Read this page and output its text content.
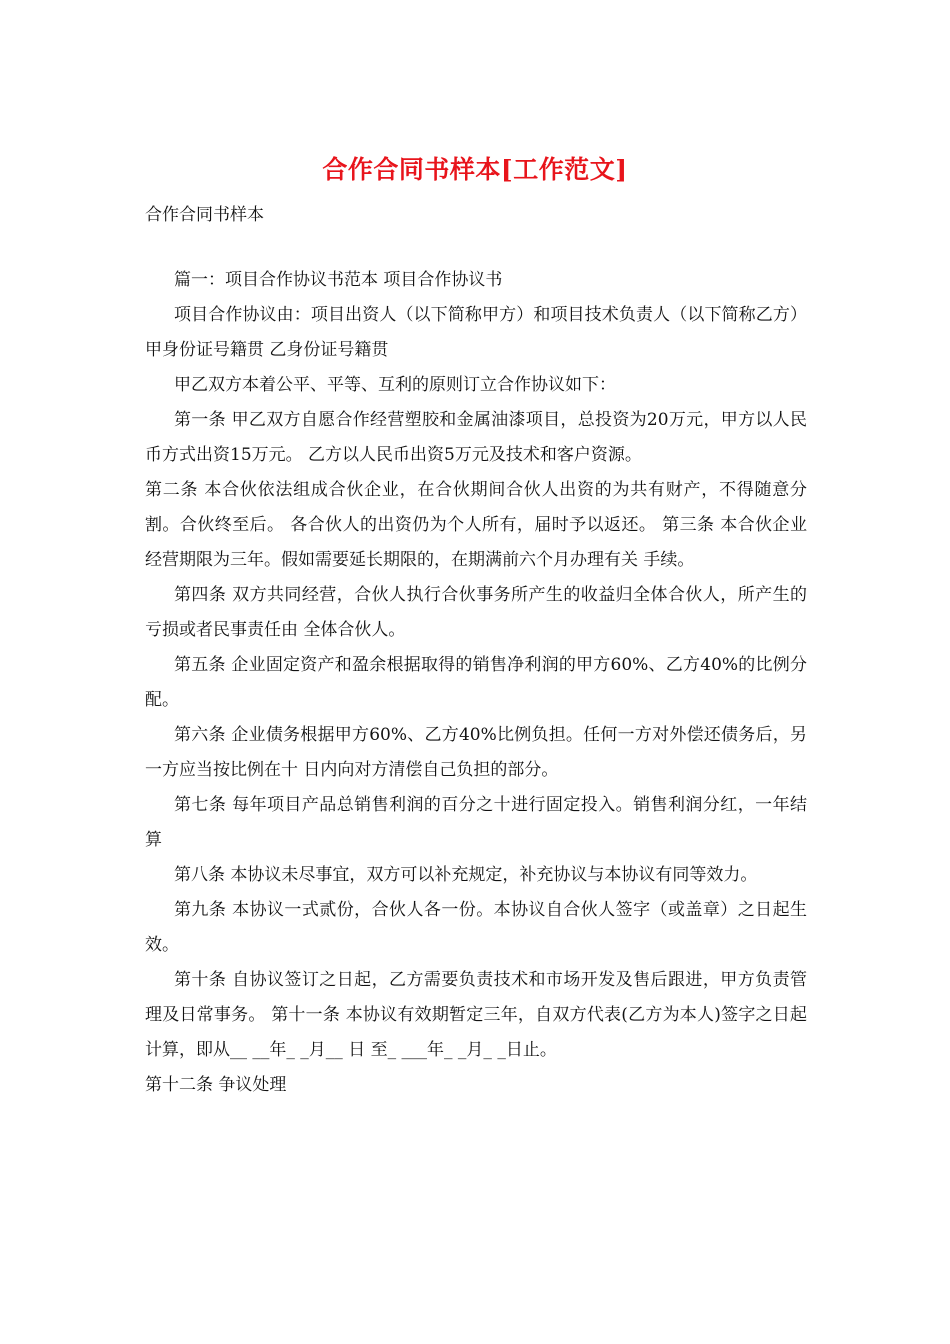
合作合同书样本[工作范文]
合作合同书样本

篇一：项目合作协议书范本 项目合作协议书

项目合作协议由：项目出资人（以下简称甲方）和项目技术负责人（以下简称乙方） 甲身份证号籍贯 乙身份证号籍贯

甲乙双方本着公平、平等、互利的原则订立合作协议如下：

第一条 甲乙双方自愿合作经营塑胶和金属油漆项目，总投资为20万元，甲方以人民币方式出资15万元。 乙方以人民币出资5万元及技术和客户资源。

第二条 本合伙依法组成合伙企业，在合伙期间合伙人出资的为共有财产，不得随意分割。合伙终至后。 各合伙人的出资仍为个人所有，届时予以返还。 第三条 本合伙企业经营期限为三年。假如需要延长期限的，在期满前六个月办理有关 手续。

第四条 双方共同经营，合伙人执行合伙事务所产生的收益归全体合伙人，所产生的亏损或者民事责任由 全体合伙人。

第五条 企业固定资产和盈余根据取得的销售净利润的甲方60%、乙方40%的比例分配。

第六条 企业债务根据甲方60%、乙方40%比例负担。任何一方对外偿还债务后，另一方应当按比例在十 日内向对方清偿自己负担的部分。

第七条 每年项目产品总销售利润的百分之十进行固定投入。销售利润分红，一年结算

第八条 本协议未尽事宜，双方可以补充规定，补充协议与本协议有同等效力。

第九条 本协议一式贰份，合伙人各一份。本协议自合伙人签字（或盖章）之日起生效。

第十条 自协议签订之日起，乙方需要负责技术和市场开发及售后跟进，甲方负责管理及日常事务。 第十一条 本协议有效期暂定三年，自双方代表(乙方为本人)签字之日起计算，即从__ __年_ _月__ 日 至_ ___年_ _月_ _日止。

第十二条 争议处理
